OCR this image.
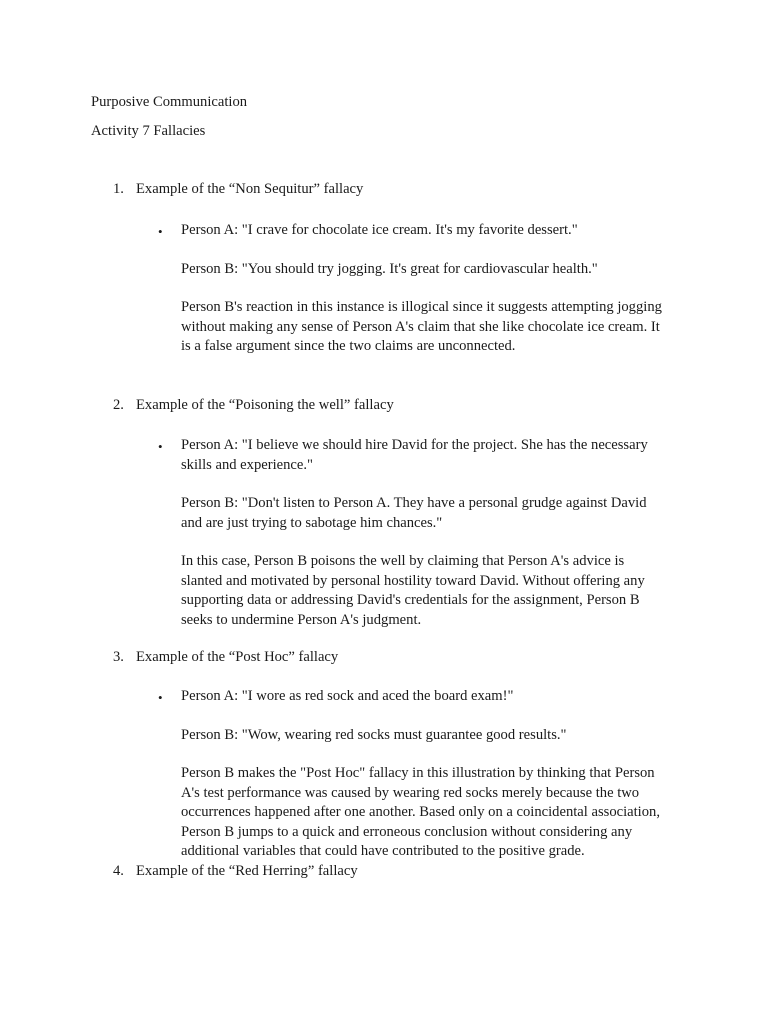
Purposive Communication
Activity 7 Fallacies
1. Example of the “Non Sequitur” fallacy
• Person A: "I crave for chocolate ice cream. It's my favorite dessert."
Person B: "You should try jogging. It's great for cardiovascular health."
Person B's reaction in this instance is illogical since it suggests attempting jogging
without making any sense of Person A's claim that she like chocolate ice cream. It
is a false argument since the two claims are unconnected.
2. Example of the “Poisoning the well” fallacy
• Person A: "I believe we should hire David for the project. She has the necessary
skills and experience."
Person B: "Don't listen to Person A. They have a personal grudge against David
and are just trying to sabotage him chances."
In this case, Person B poisons the well by claiming that Person A's advice is
slanted and motivated by personal hostility toward David. Without offering any
supporting data or addressing David's credentials for the assignment, Person B
seeks to undermine Person A's judgment.
3. Example of the “Post Hoc” fallacy
• Person A: "I wore as red sock and aced the board exam!"
Person B: "Wow, wearing red socks must guarantee good results."
Person B makes the "Post Hoc" fallacy in this illustration by thinking that Person
A's test performance was caused by wearing red socks merely because the two
occurrences happened after one another. Based only on a coincidental association,
Person B jumps to a quick and erroneous conclusion without considering any
additional variables that could have contributed to the positive grade.
4. Example of the “Red Herring” fallacy
